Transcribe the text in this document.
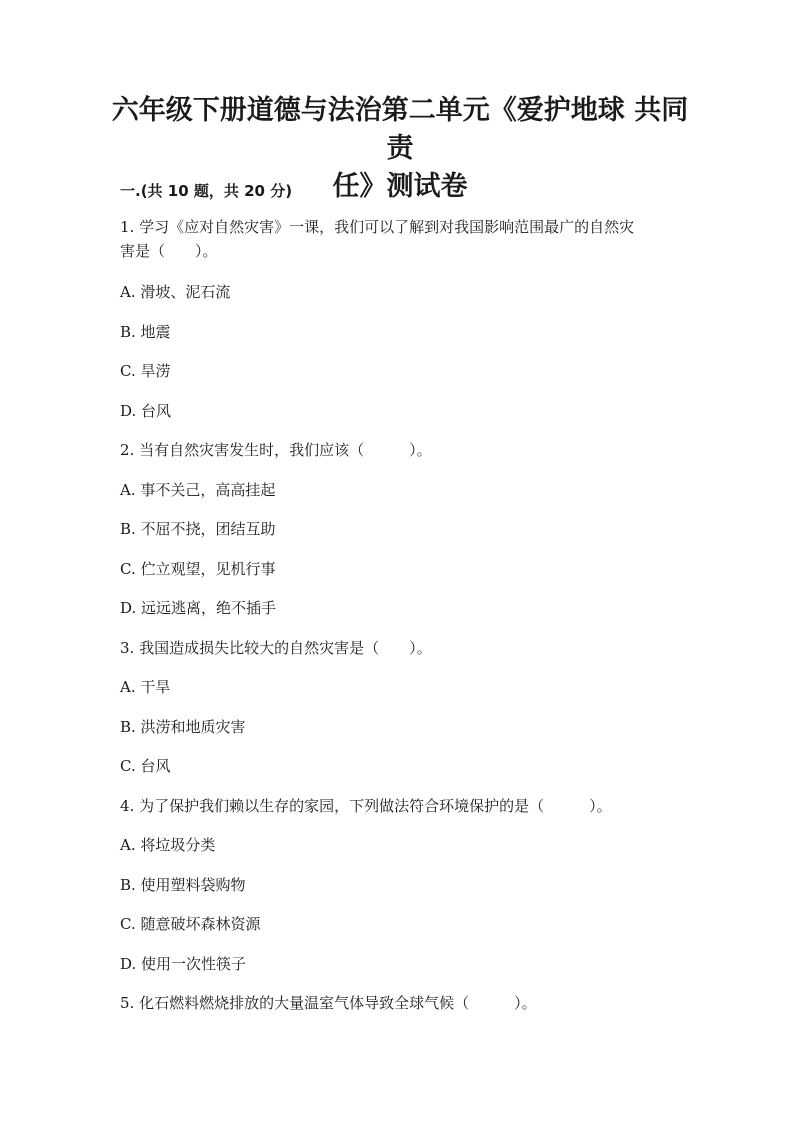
六年级下册道德与法治第二单元《爱护地球 共同责
任》测试卷
一.(共 10 题，共 20 分)
1. 学习《应对自然灾害》一课，我们可以了解到对我国影响范围最广的自然灾
害是（　　）。
A. 滑坡、泥石流
B. 地震
C. 旱涝
D. 台风
2. 当有自然灾害发生时，我们应该（　　　）。
A. 事不关己，高高挂起
B. 不屈不挠，团结互助
C. 伫立观望，见机行事
D. 远远逃离，绝不插手
3. 我国造成损失比较大的自然灾害是（　　）。
A. 干旱
B. 洪涝和地质灾害
C. 台风
4. 为了保护我们赖以生存的家园，下列做法符合环境保护的是（　　　）。
A. 将垃圾分类
B. 使用塑料袋购物
C. 随意破坏森林资源
D. 使用一次性筷子
5. 化石燃料燃烧排放的大量温室气体导致全球气候（　　　）。
